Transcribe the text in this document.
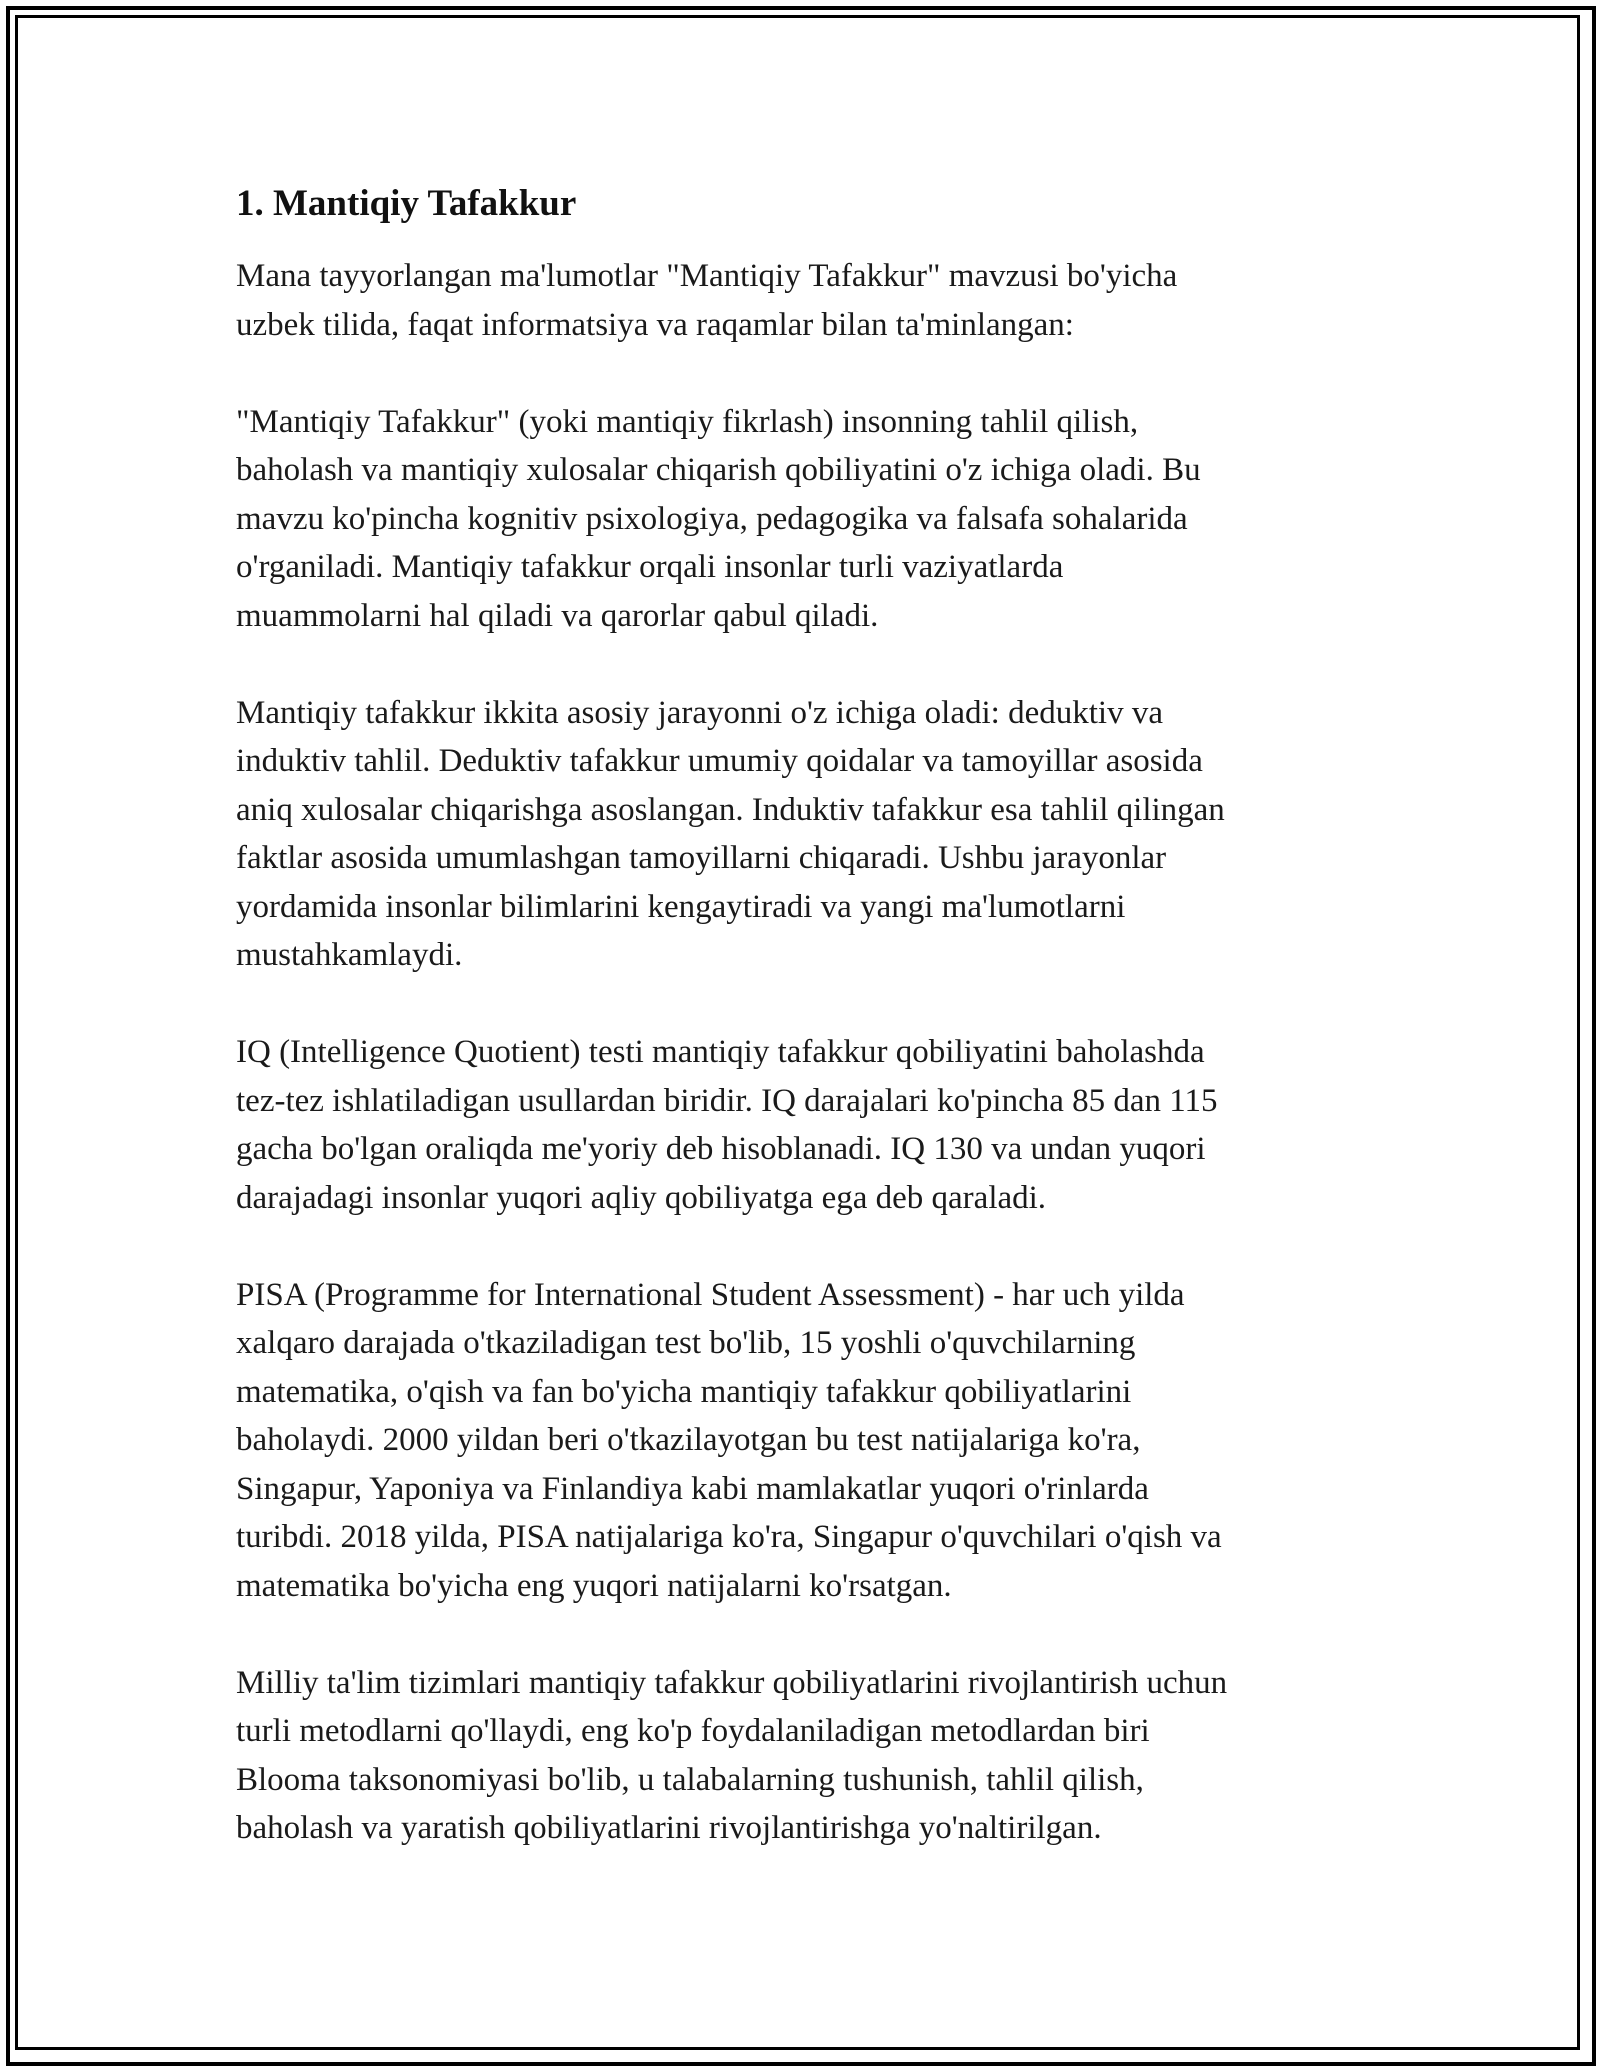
1. Mantiqiy Tafakkur

Mana tayyorlangan ma'lumotlar "Mantiqiy Tafakkur" mavzusi bo'yicha
uzbek tilida, faqat informatsiya va raqamlar bilan ta'minlangan:

"Mantiqiy Tafakkur" (yoki mantiqiy fikrlash) insonning tahlil qilish,
baholash va mantiqiy xulosalar chiqarish qobiliyatini o'z ichiga oladi. Bu
mavzu ko'pincha kognitiv psixologiya, pedagogika va falsafa sohalarida
o'rganiladi. Mantiqiy tafakkur orqali insonlar turli vaziyatlarda
muammolarni hal qiladi va qarorlar qabul qiladi.

Mantiqiy tafakkur ikkita asosiy jarayonni o'z ichiga oladi: deduktiv va
induktiv tahlil. Deduktiv tafakkur umumiy qoidalar va tamoyillar asosida
aniq xulosalar chiqarishga asoslangan. Induktiv tafakkur esa tahlil qilingan
faktlar asosida umumlashgan tamoyillarni chiqaradi. Ushbu jarayonlar
yordamida insonlar bilimlarini kengaytiradi va yangi ma'lumotlarni
mustahkamlaydi.

IQ (Intelligence Quotient) testi mantiqiy tafakkur qobiliyatini baholashda
tez-tez ishlatiladigan usullardan biridir. IQ darajalari ko'pincha 85 dan 115
gacha bo'lgan oraliqda me'yoriy deb hisoblanadi. IQ 130 va undan yuqori
darajadagi insonlar yuqori aqliy qobiliyatga ega deb qaraladi.

PISA (Programme for International Student Assessment) - har uch yilda
xalqaro darajada o'tkaziladigan test bo'lib, 15 yoshli o'quvchilarning
matematika, o'qish va fan bo'yicha mantiqiy tafakkur qobiliyatlarini
baholaydi. 2000 yildan beri o'tkazilayotgan bu test natijalariga ko'ra,
Singapur, Yaponiya va Finlandiya kabi mamlakatlar yuqori o'rinlarda
turibdi. 2018 yilda, PISA natijalariga ko'ra, Singapur o'quvchilari o'qish va
matematika bo'yicha eng yuqori natijalarni ko'rsatgan.

Milliy ta'lim tizimlari mantiqiy tafakkur qobiliyatlarini rivojlantirish uchun
turli metodlarni qo'llaydi, eng ko'p foydalaniladigan metodlardan biri
Blooma taksonomiyasi bo'lib, u talabalarning tushunish, tahlil qilish,
baholash va yaratish qobiliyatlarini rivojlantirishga yo'naltirilgan.
